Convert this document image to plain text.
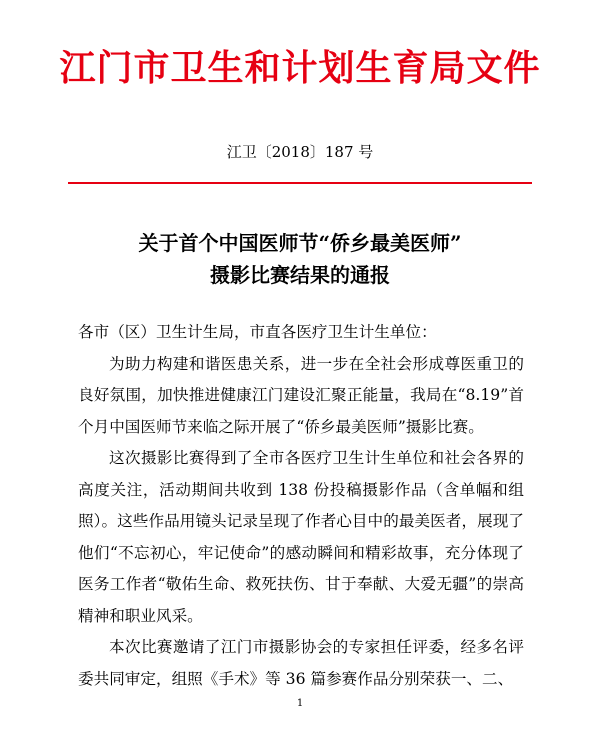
江门市卫生和计划生育局文件
江卫〔2018〕187 号
关于首个中国医师节“侨乡最美医师”
摄影比赛结果的通报

各市（区）卫生计生局，市直各医疗卫生计生单位：

为助力构建和谐医患关系，进一步在全社会形成尊医重卫的良好氛围，加快推进健康江门建设汇聚正能量，我局在“8.19”首个月中国医师节来临之际开展了“侨乡最美医师”摄影比赛。

这次摄影比赛得到了全市各医疗卫生计生单位和社会各界的高度关注，活动期间共收到 138 份投稿摄影作品（含单幅和组照）。这些作品用镜头记录呈现了作者心目中的最美医者，展现了他们“不忘初心，牢记使命”的感动瞬间和精彩故事，充分体现了医务工作者“敬佑生命、救死扶伤、甘于奉献、大爱无疆”的崇高精神和职业风采。

本次比赛邀请了江门市摄影协会的专家担任评委，经多名评委共同审定，组照《手术》等 36 篇参赛作品分别荣获一、二、

1
